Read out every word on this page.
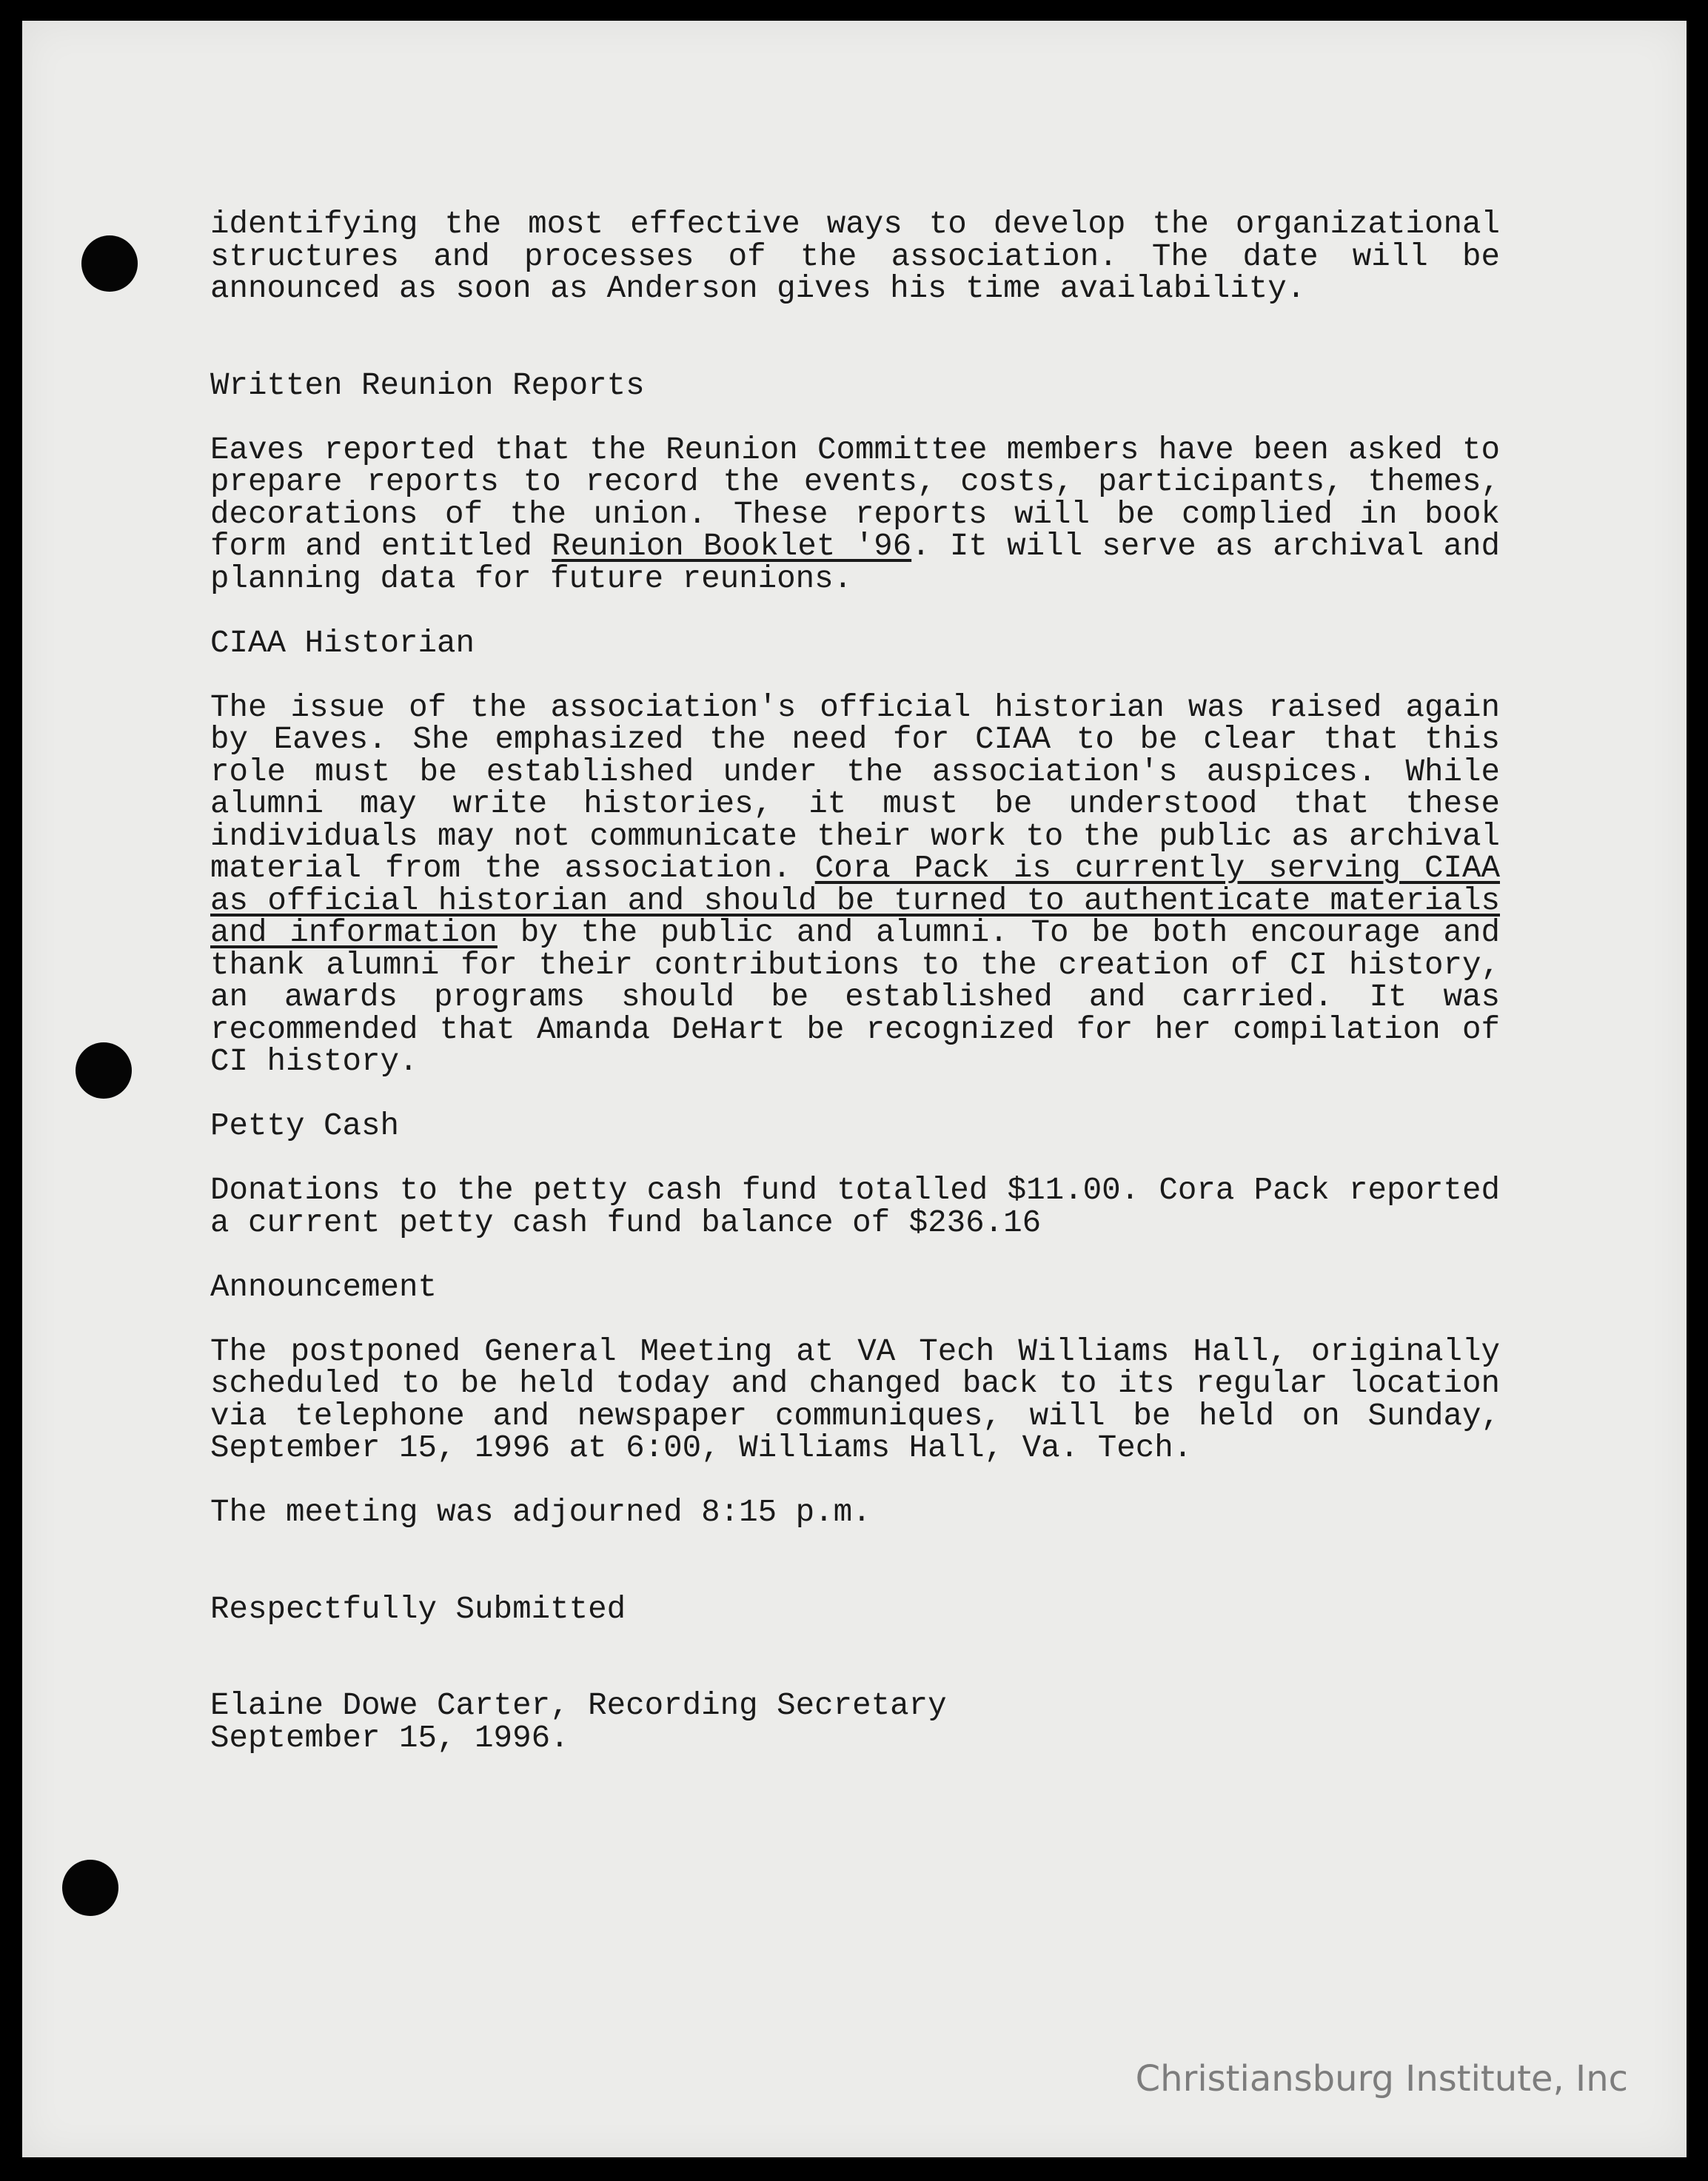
identifying the most effective ways to develop the organizational structures and processes of the association. The date will be announced as soon as Anderson gives his time availability.

Written Reunion Reports

Eaves reported that the Reunion Committee members have been asked to prepare reports to record the events, costs, participants, themes, decorations of the union. These reports will be complied in book form and entitled Reunion Booklet '96. It will serve as archival and planning data for future reunions.

CIAA Historian

The issue of the association's official historian was raised again by Eaves. She emphasized the need for CIAA to be clear that this role must be established under the association's auspices. While alumni may write histories, it must be understood that these individuals may not communicate their work to the public as archival material from the association. Cora Pack is currently serving CIAA as official historian and should be turned to authenticate materials and information by the public and alumni. To be both encourage and thank alumni for their contributions to the creation of CI history, an awards programs should be established and carried. It was recommended that Amanda DeHart be recognized for her compilation of CI history.

Petty Cash

Donations to the petty cash fund totalled $11.00. Cora Pack reported a current petty cash fund balance of $236.16

Announcement

The postponed General Meeting at VA Tech Williams Hall, originally scheduled to be held today and changed back to its regular location via telephone and newspaper communiques, will be held on Sunday, September 15, 1996 at 6:00, Williams Hall, Va. Tech.

The meeting was adjourned 8:15 p.m.

Respectfully Submitted

Elaine Dowe Carter, Recording Secretary

September 15, 1996.

Christiansburg Institute, Inc
